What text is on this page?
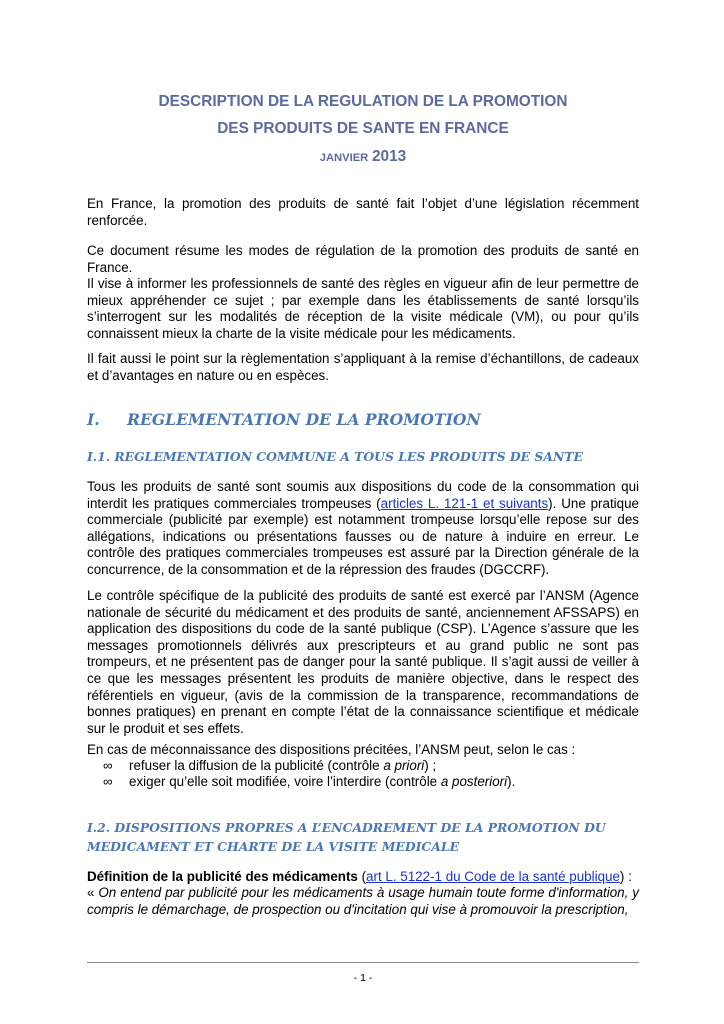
DESCRIPTION DE LA REGULATION DE LA PROMOTION
DES PRODUITS DE SANTE EN FRANCE
JANVIER 2013

En France, la promotion des produits de santé fait l’objet d’une législation récemment renforcée.

Ce document résume les modes de régulation de la promotion des produits de santé en France.

Il vise à informer les professionnels de santé des règles en vigueur afin de leur permettre de mieux appréhender ce sujet ; par exemple dans les établissements de santé lorsqu’ils s’interrogent sur les modalités de réception de la visite médicale (VM), ou pour qu’ils connaissent mieux la charte de la visite médicale pour les médicaments.

Il fait aussi le point sur la règlementation s’appliquant à la remise d’échantillons, de cadeaux et d’avantages en nature ou en espèces.

I. REGLEMENTATION DE LA PROMOTION
I.1. REGLEMENTATION COMMUNE A TOUS LES PRODUITS DE SANTE

Tous les produits de santé sont soumis aux dispositions du code de la consommation qui interdit les pratiques commerciales trompeuses (articles L. 121-1 et suivants). Une pratique commerciale (publicité par exemple) est notamment trompeuse lorsqu’elle repose sur des allégations, indications ou présentations fausses ou de nature à induire en erreur. Le contrôle des pratiques commerciales trompeuses est assuré par la Direction générale de la concurrence, de la consommation et de la répression des fraudes (DGCCRF).

Le contrôle spécifique de la publicité des produits de santé est exercé par l’ANSM (Agence nationale de sécurité du médicament et des produits de santé, anciennement AFSSAPS) en application des dispositions du code de la santé publique (CSP). L’Agence s’assure que les messages promotionnels délivrés aux prescripteurs et au grand public ne sont pas trompeurs, et ne présentent pas de danger pour la santé publique. Il s’agit aussi de veiller à ce que les messages présentent les produits de manière objective, dans le respect des référentiels en vigueur, (avis de la commission de la transparence, recommandations de bonnes pratiques) en prenant en compte l’état de la connaissance scientifique et médicale sur le produit et ses effets.

En cas de méconnaissance des dispositions précitées, l’ANSM peut, selon le cas :

∞ refuser la diffusion de la publicité (contrôle a priori) ;
∞ exiger qu’elle soit modifiée, voire l’interdire (contrôle a posteriori).
I.2. DISPOSITIONS PROPRES A L’ENCADREMENT DE LA PROMOTION DU MEDICAMENT ET CHARTE DE LA VISITE MEDICALE

Définition de la publicité des médicaments (art L. 5122-1 du Code de la santé publique) :

« On entend par publicité pour les médicaments à usage humain toute forme d'information, y compris le démarchage, de prospection ou d'incitation qui vise à promouvoir la prescription,

- 1 -
